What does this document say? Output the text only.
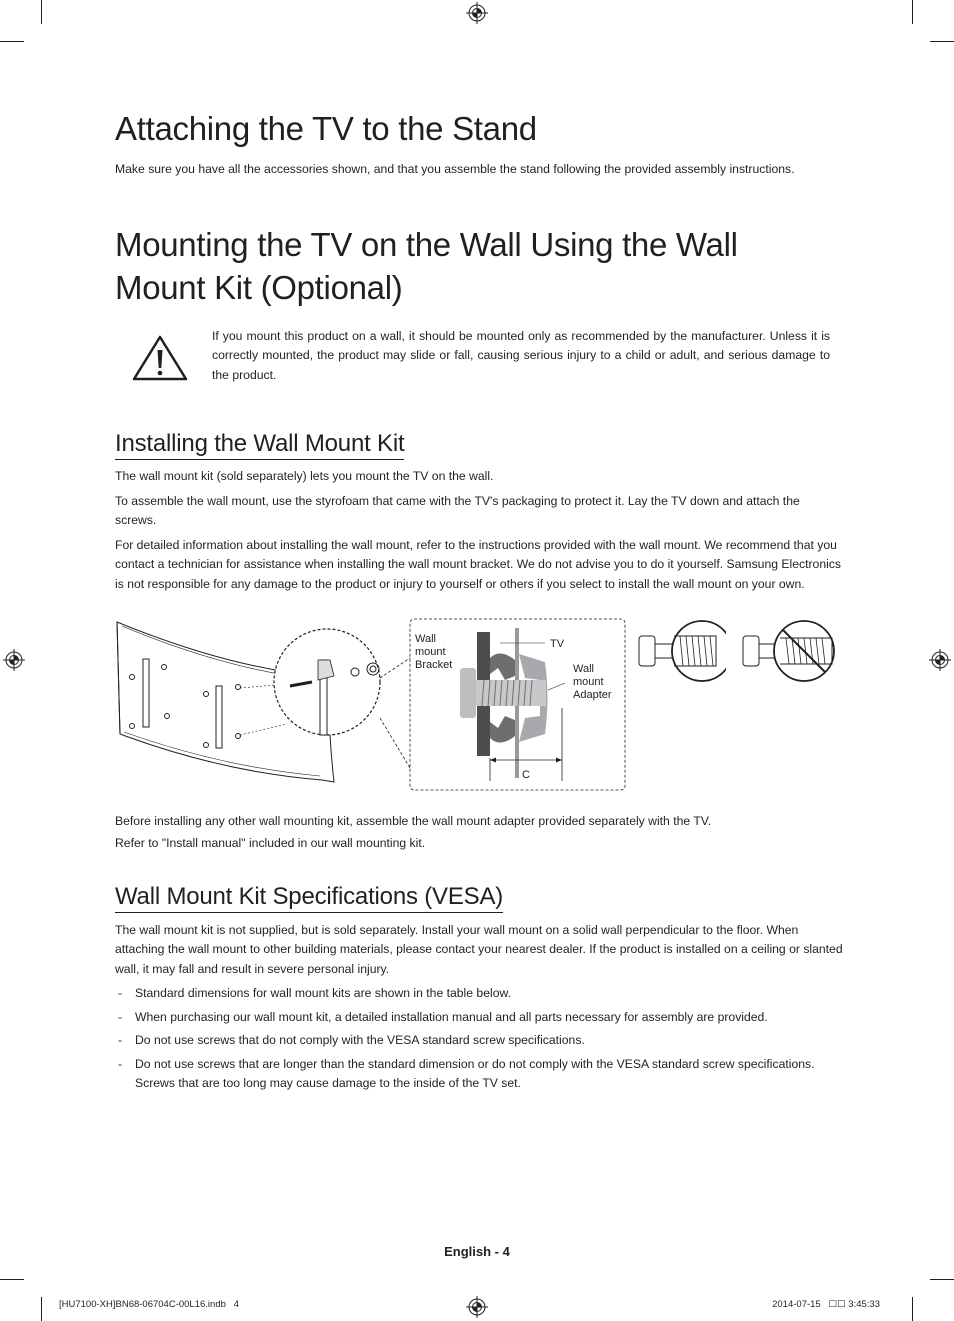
Attaching the TV to the Stand

Make sure you have all the accessories shown, and that you assemble the stand following the provided assembly instructions.

Mounting the TV on the Wall Using the Wall
Mount Kit (Optional)

If you mount this product on a wall, it should be mounted only as recommended by the manufacturer. Unless it is correctly mounted, the product may slide or fall, causing serious injury to a child or adult, and serious damage to the product.

Installing the Wall Mount Kit

The wall mount kit (sold separately) lets you mount the TV on the wall.

To assemble the wall mount, use the styrofoam that came with the TV's packaging to protect it. Lay the TV down and attach the screws.

For detailed information about installing the wall mount, refer to the instructions provided with the wall mount. We recommend that you contact a technician for assistance when installing the wall mount bracket. We do not advise you to do it yourself. Samsung Electronics is not responsible for any damage to the product or injury to yourself or others if you select to install the wall mount on your own.

Wall
mount
Bracket
TV
Wall
mount
Adapter
C

Before installing any other wall mounting kit, assemble the wall mount adapter provided separately with the TV.

Refer to "Install manual" included in our wall mounting kit.

Wall Mount Kit Specifications (VESA)

The wall mount kit is not supplied, but is sold separately. Install your wall mount on a solid wall perpendicular to the floor. When attaching the wall mount to other building materials, please contact your nearest dealer. If the product is installed on a ceiling or slanted wall, it may fall and result in severe personal injury.

- Standard dimensions for wall mount kits are shown in the table below.
- When purchasing our wall mount kit, a detailed installation manual and all parts necessary for assembly are provided.
- Do not use screws that do not comply with the VESA standard screw specifications.
- Do not use screws that are longer than the standard dimension or do not comply with the VESA standard screw specifications. Screws that are too long may cause damage to the inside of the TV set.
English - 4
[HU7100-XH]BN68-06704C-00L16.indb   4	2014-07-15   ☐☐ 3:45:33
